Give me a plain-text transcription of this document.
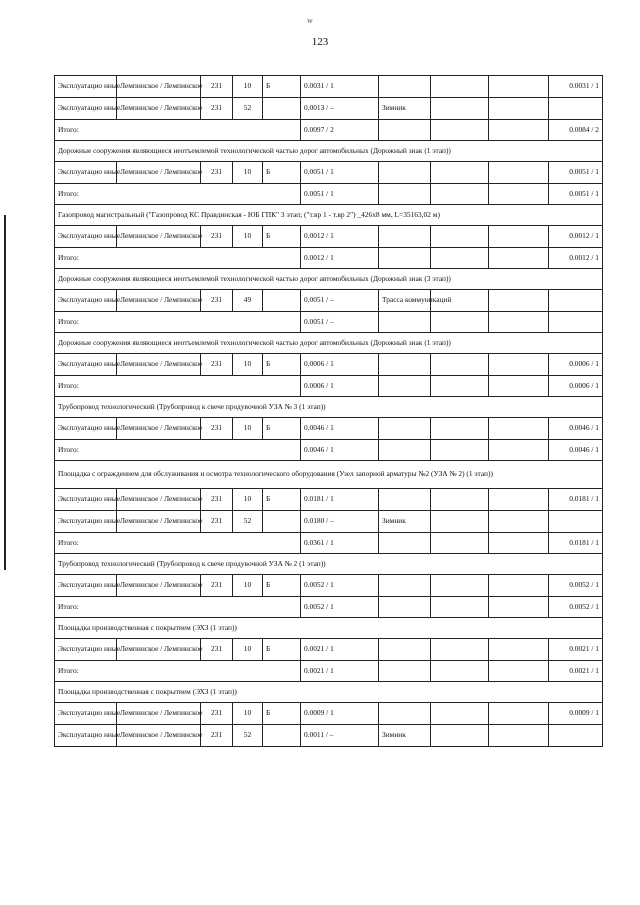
w
123
Эксплуатацио нные	Лемпинское / Лемпинское	231	10	Б	0.0031 / 1				0.0031 / 1
Эксплуатацио нные	Лемпинское / Лемпинское	231	52		0.0013 / –	Зимник			
Итого:					0.0097 / 2				0.0084 / 2
Дорожные сооружения являющиеся неотъемлемой технологической частью дорог автомобильных (Дорожный знак (1 этап))									
Эксплуатацио нные	Лемпинское / Лемпинское	231	10	Б	0.0051 / 1				0.0051 / 1
Итого:					0.0051 / 1				0.0051 / 1
Газопровод магистральный ("Газопровод КС Правдинская - ЮБ ГПК" 3 этап; ("т.вр 1 - т.вр 2") _426х8 мм, L=35163,02 м)									
Эксплуатацио нные	Лемпинское / Лемпинское	231	10	Б	0.0012 / 1				0.0012 / 1
Итого:					0.0012 / 1				0.0012 / 1
Дорожные сооружения являющиеся неотъемлемой технологической частью дорог автомобильных (Дорожный знак (3 этап))									
Эксплуатацио нные	Лемпинское / Лемпинское	231	49		0.0051 / –	Трасса коммуникаций			
Итого:					0.0051 / –				
Дорожные сооружения являющиеся неотъемлемой технологической частью дорог автомобильных (Дорожный знак (1 этап))									
Эксплуатацио нные	Лемпинское / Лемпинское	231	10	Б	0.0006 / 1				0.0006 / 1
Итого:					0.0006 / 1				0.0006 / 1
Трубопровод технологический (Трубопровод к свече продувочной УЗА № 3 (1 этап))									
Эксплуатацио нные	Лемпинское / Лемпинское	231	10	Б	0.0046 / 1				0.0046 / 1
Итого:					0.0046 / 1				0.0046 / 1
Площадка с ограждением для обслуживания и осмотра технологического оборудования (Узел запорной арматуры №2 (УЗА № 2) (1 этап))									
Эксплуатацио нные	Лемпинское / Лемпинское	231	10	Б	0.0181 / 1				0.0181 / 1
Эксплуатацио нные	Лемпинское / Лемпинское	231	52		0.0180 / –	Зимник			
Итого:					0.0361 / 1				0.0181 / 1
Трубопровод технологический (Трубопровод к свече продувочной УЗА № 2 (1 этап))									
Эксплуатацио нные	Лемпинское / Лемпинское	231	10	Б	0.0052 / 1				0.0052 / 1
Итого:					0.0052 / 1				0.0052 / 1
Площадка производственная с покрытием (ЭХЗ (1 этап))									
Эксплуатацио нные	Лемпинское / Лемпинское	231	10	Б	0.0021 / 1				0.0021 / 1
Итого:					0.0021 / 1				0.0021 / 1
Площадка производственная с покрытием (ЭХЗ (1 этап))									
Эксплуатацио нные	Лемпинское / Лемпинское	231	10	Б	0.0009 / 1				0.0009 / 1
Эксплуатацио нные	Лемпинское / Лемпинское	231	52		0.0011 / –	Зимник			
